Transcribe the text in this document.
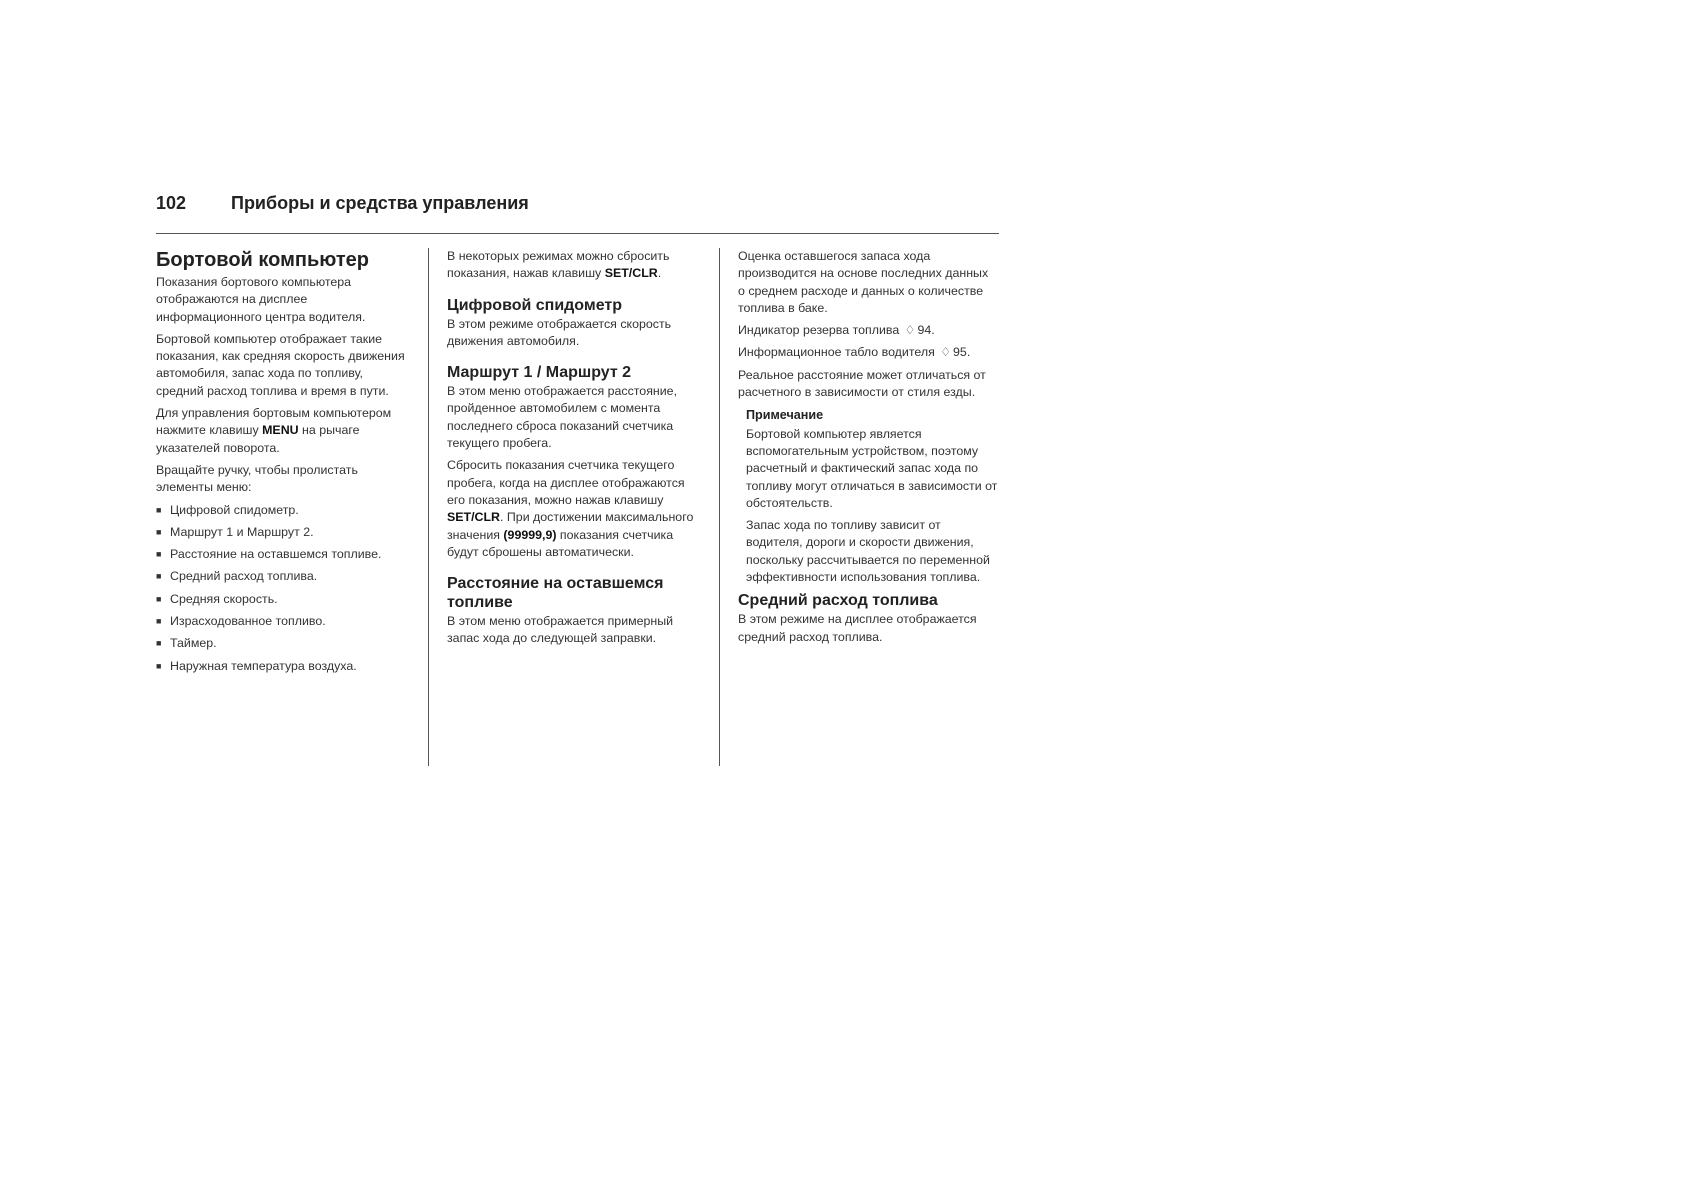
102 Приборы и средства управления
Бортовой компьютер

Показания бортового компьютера отображаются на дисплее информационного центра водителя.

Бортовой компьютер отображает такие показания, как средняя скорость движения автомобиля, запас хода по топливу, средний расход топлива и время в пути.

Для управления бортовым компьютером нажмите клавишу MENU на рычаге указателей поворота.

Вращайте ручку, чтобы пролистать элементы меню:

■ Цифровой спидометр.
■ Маршрут 1 и Маршрут 2.
■ Расстояние на оставшемся топливе.
■ Средний расход топлива.
■ Средняя скорость.
■ Израсходованное топливо.
■ Таймер.
■ Наружная температура воздуха.

В некоторых режимах можно сбросить показания, нажав клавишу SET/CLR.

Цифровой спидометр

В этом режиме отображается скорость движения автомобиля.

Маршрут 1 / Маршрут 2

В этом меню отображается расстояние, пройденное автомобилем с момента последнего сброса показаний счетчика текущего пробега.

Сбросить показания счетчика текущего пробега, когда на дисплее отображаются его показания, можно нажав клавишу SET/CLR. При достижении максимального значения (99999,9) показания счетчика будут сброшены автоматически.

Расстояние на оставшемся топливе

В этом меню отображается примерный запас хода до следующей заправки.

Оценка оставшегося запаса хода производится на основе последних данных о среднем расходе и данных о количестве топлива в баке.

Индикатор резерва топлива ♢ 94.

Информационное табло водителя ♢ 95.

Реальное расстояние может отличаться от расчетного в зависимости от стиля езды.

Примечание

Бортовой компьютер является вспомогательным устройством, поэтому расчетный и фактический запас хода по топливу могут отличаться в зависимости от обстоятельств.

Запас хода по топливу зависит от водителя, дороги и скорости движения, поскольку рассчитывается по переменной эффективности использования топлива.

Средний расход топлива

В этом режиме на дисплее отображается средний расход топлива.
